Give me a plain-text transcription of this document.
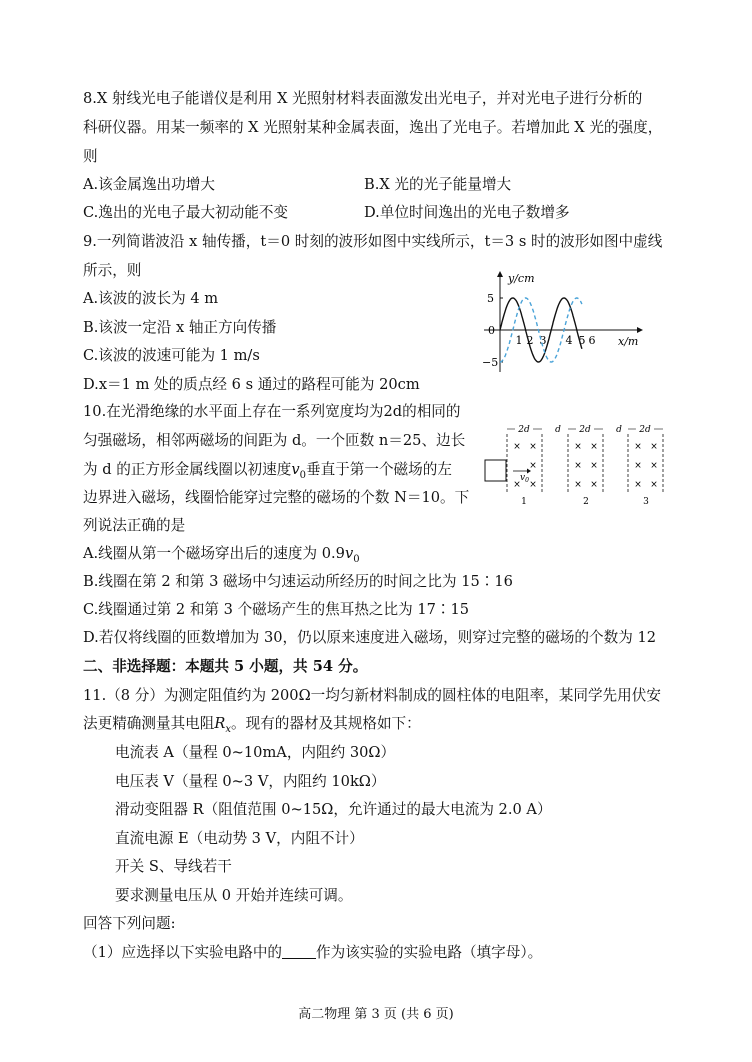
8.X 射线光电子能谱仪是利用 X 光照射材料表面激发出光电子，并对光电子进行分析的
科研仪器。用某一频率的 X 光照射某种金属表面，逸出了光电子。若增加此 X 光的强度，
则
A.该金属逸出功增大	B.X 光的光子能量增大
C.逸出的光电子最大初动能不变	D.单位时间逸出的光电子数增多
9.一列简谐波沿 x 轴传播，t＝0 时刻的波形如图中实线所示，t＝3 s 时的波形如图中虚线
所示，则
A.该波的波长为 4 m
B.该波一定沿 x 轴正方向传播
C.该波的波速可能为 1 m/s
D.x＝1 m 处的质点经 6 s 通过的路程可能为 20cm
y/cm
x/m
5
0
−5
1 2 3 4 5 6
10.在光滑绝缘的水平面上存在一系列宽度均为2d的相同的
匀强磁场，相邻两磁场的间距为 d。一个匝数 n＝25、边长
为 d 的正方形金属线圈以初速度$v_0$垂直于第一个磁场的左
边界进入磁场，线圈恰能穿过完整的磁场的个数 N＝10。下
列说法正确的是
A.线圈从第一个磁场穿出后的速度为 $0.9v_0$
B.线圈在第 2 和第 3 磁场中匀速运动所经历的时间之比为 15∶16
C.线圈通过第 2 和第 3 个磁场产生的焦耳热之比为 17∶15
D.若仅将线圈的匝数增加为 30，仍以原来速度进入磁场，则穿过完整的磁场的个数为 12
2d	d 2d	d 2d
× ×
×
× ×
× ×
× ×
× ×
× ×
× ×
× ×
$v_0$
1	2	3
二、非选择题：本题共 5 小题，共 54 分。
11.（8 分）为测定阻值约为 200Ω一均匀新材料制成的圆柱体的电阻率，某同学先用伏安
法更精确测量其电阻$R_x$。现有的器材及其规格如下：
电流表 A（量程 0~10mA，内阻约 30Ω）
电压表 V（量程 0~3 V，内阻约 10kΩ）
滑动变阻器 R（阻值范围 0~15Ω，允许通过的最大电流为 2.0 A）
直流电源 E（电动势 3 V，内阻不计）
开关 S、导线若干
要求测量电压从 0 开始并连续可调。
回答下列问题:
（1）应选择以下实验电路中的 作为该实验的实验电路（填字母）。
高二物理 第 3 页 (共 6 页)
